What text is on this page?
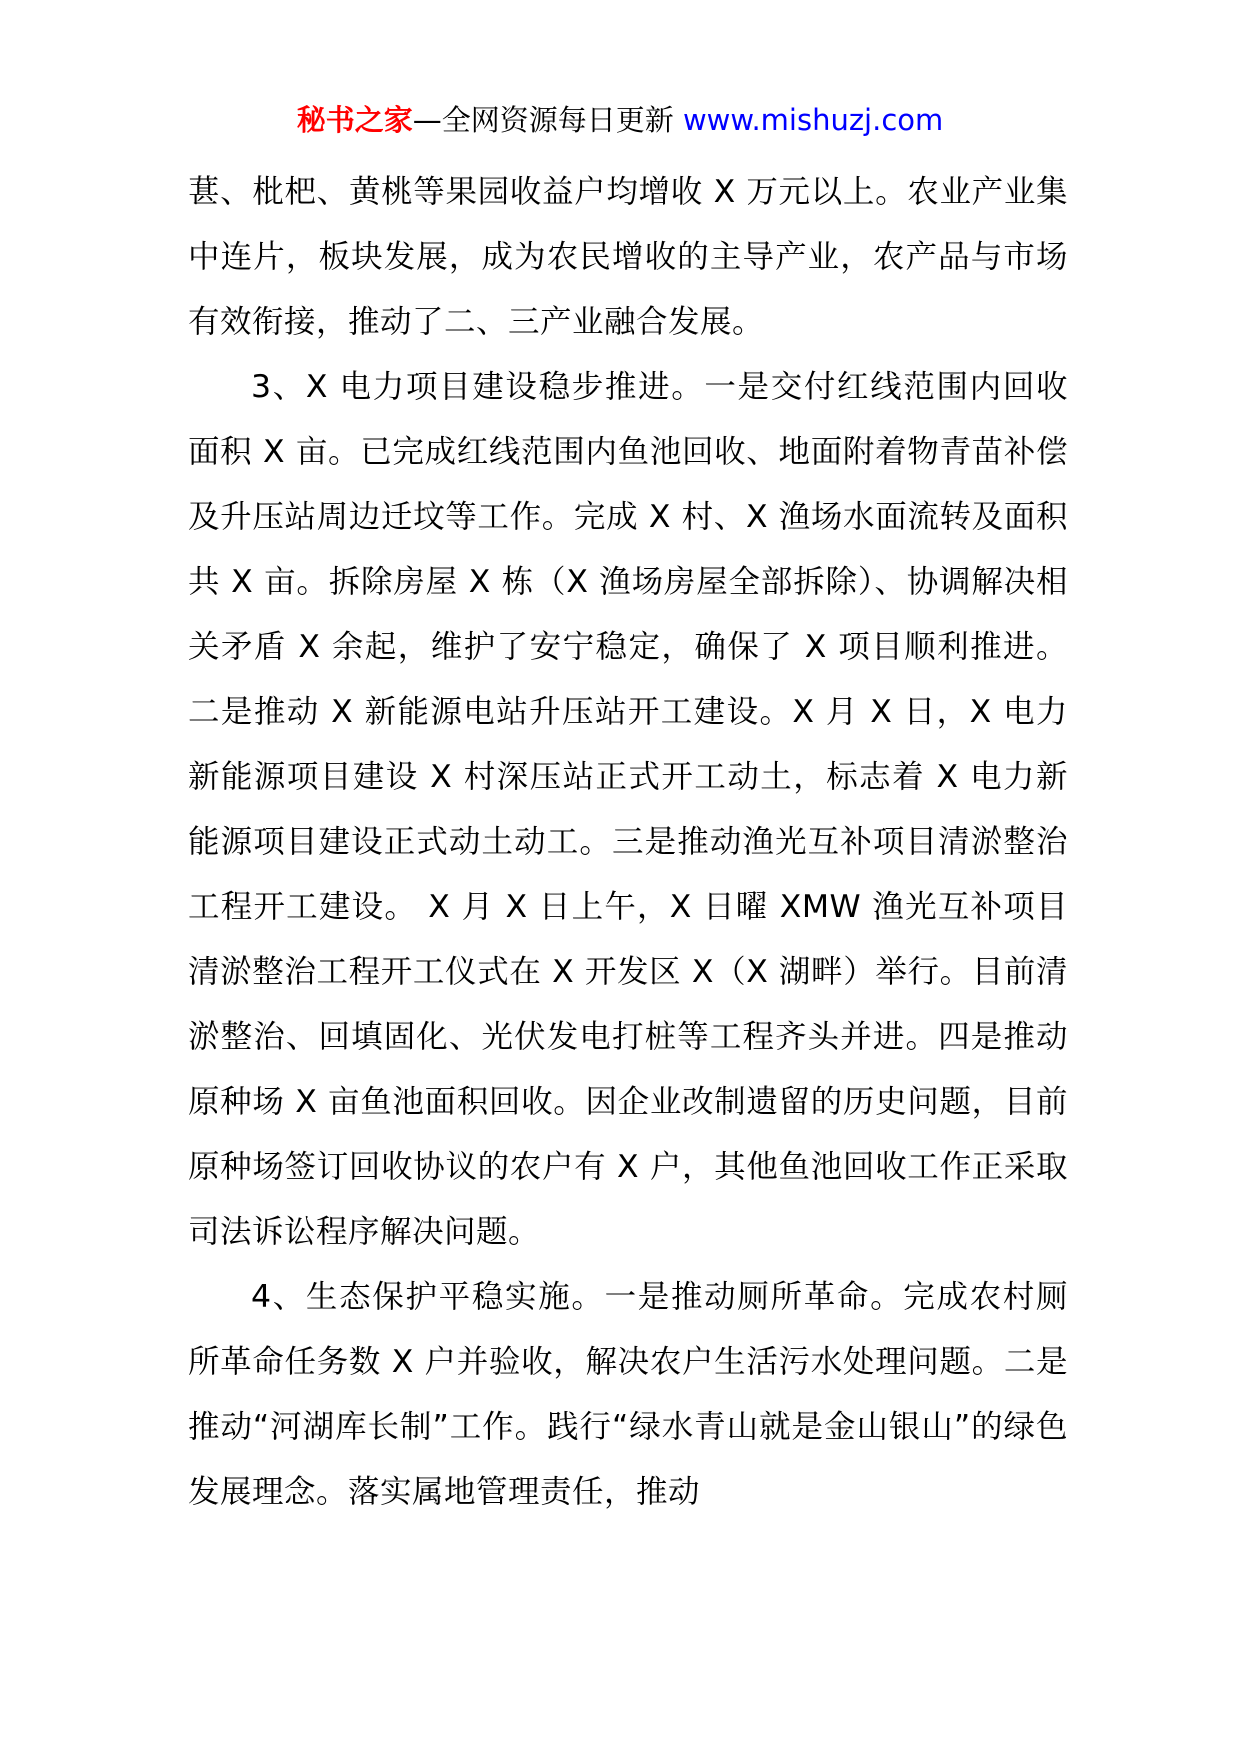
秘书之家—全网资源每日更新 www.mishuzj.com

葚、枇杷、黄桃等果园收益户均增收 X 万元以上。农业产业集中连片，板块发展，成为农民增收的主导产业，农产品与市场有效衔接，推动了二、三产业融合发展。

3、X 电力项目建设稳步推进。一是交付红线范围内回收面积 X 亩。已完成红线范围内鱼池回收、地面附着物青苗补偿及升压站周边迁坟等工作。完成 X 村、X 渔场水面流转及面积共 X 亩。拆除房屋 X 栋（X 渔场房屋全部拆除）、协调解决相关矛盾 X 余起，维护了安宁稳定，确保了 X 项目顺利推进。二是推动 X 新能源电站升压站开工建设。X 月 X 日，X 电力新能源项目建设 X 村深压站正式开工动土，标志着 X 电力新能源项目建设正式动土动工。三是推动渔光互补项目清淤整治工程开工建设。 X 月 X 日上午，X 日曜 XMW 渔光互补项目清淤整治工程开工仪式在 X 开发区 X（X 湖畔）举行。目前清淤整治、回填固化、光伏发电打桩等工程齐头并进。四是推动原种场 X 亩鱼池面积回收。因企业改制遗留的历史问题，目前原种场签订回收协议的农户有 X 户，其他鱼池回收工作正采取司法诉讼程序解决问题。

4、生态保护平稳实施。一是推动厕所革命。完成农村厕所革命任务数 X 户并验收，解决农户生活污水处理问题。二是推动“河湖库长制”工作。践行“绿水青山就是金山银山”的绿色发展理念。落实属地管理责任，推动
